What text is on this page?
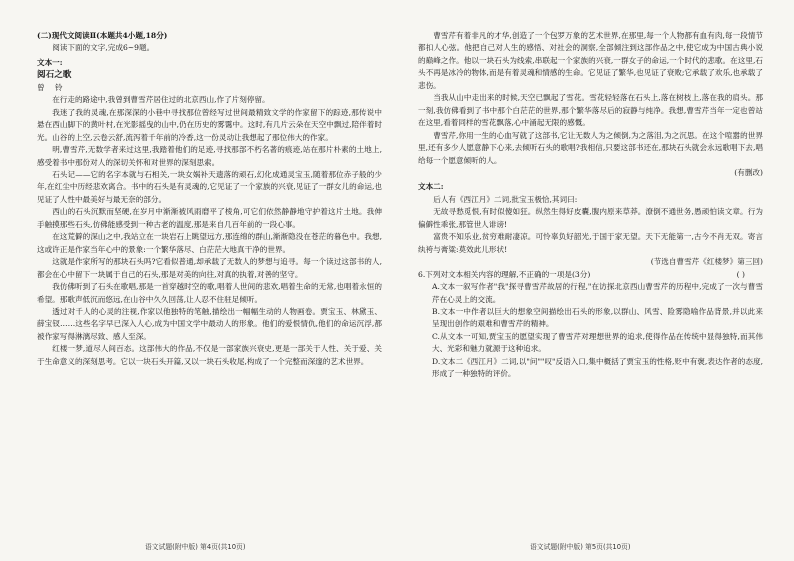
(二)现代文阅读Ⅱ(本题共4小题,18分)

阅读下面的文字,完成6~9题。

文本一:

阅石之歌

曾 铃

在行走的路途中,我曾到曹雪芹居住过的北京西山,作了片刻停留。

我迷了我的灵魂,在那深深的小巷中寻找那位曾经写过世间最精致文学的作家留下的踪迹,那传说中悬在西山脚下的黄叶村,在光影摇曳的山中,仍在历史的雾霭中。这时,有几片云朵在天空中飘过,陪伴着时光。山谷的上空,云卷云舒,流泻着千年前的冷香,这一份灵动让我想起了那位伟大的作家。

明,曹雪芹,无数学者来过这里,我踏着他们的足迹,寻找那部不朽名著的痕迹,站在那片朴素的土地上,感受着书中那份对人的深切关怀和对世界的深刻思索。

石头记——它的名字本就与石相关,一块女娲补天遗落的顽石,幻化成通灵宝玉,随着那位赤子般的少年,在红尘中历经悲欢离合。书中的石头是有灵魂的,它见证了一个家族的兴衰,见证了一群女儿的命运,也见证了人性中最美好与最无奈的部分。

西山的石头沉默而坚硬,在岁月中渐渐被风雨磨平了棱角,可它们依然静静地守护着这片土地。我伸手触摸那些石头,仿佛能感受到一种古老的温度,那是来自几百年前的一段心事。

在这荒僻的深山之中,我站立在一块岩石上眺望远方,那连绵的群山,渐渐隐没在苍茫的暮色中。我想,这或许正是作家当年心中的景象:一个繁华落尽、白茫茫大地真干净的世界。

这就是作家所写的那块石头吗?它看似普通,却承载了无数人的梦想与追寻。每一个读过这部书的人,都会在心中留下一块属于自己的石头,那是对美的向往,对真的执着,对善的坚守。

我仿佛听到了石头在歌唱,那是一首穿越时空的歌,唱着人世间的悲欢,唱着生命的无常,也唱着永恒的希望。那歌声低沉而悠远,在山谷中久久回荡,让人忍不住驻足倾听。

透过对千人的心灵的注视,作家以他独特的笔触,描绘出一幅幅生动的人物画卷。贾宝玉、林黛玉、薛宝钗……这些名字早已深入人心,成为中国文学中最动人的形象。他们的爱恨情仇,他们的命运沉浮,都被作家写得淋漓尽致、感人至深。

红楼一梦,道尽人间百态。这部伟大的作品,不仅是一部家族兴衰史,更是一部关于人性、关于爱、关于生命意义的深刻思考。它以一块石头开篇,又以一块石头收尾,构成了一个完整而深邃的艺术世界。

曹雪芹有着非凡的才华,创造了一个包罗万象的艺术世界,在那里,每一个人物都有血有肉,每一段情节都扣人心弦。他把自己对人生的感悟、对社会的洞察,全部倾注到这部作品之中,使它成为中国古典小说的巅峰之作。他以一块石头为线索,串联起一个家族的兴衰,一群女子的命运,一个时代的悲歌。在这里,石头不再是冰冷的物体,而是有着灵魂和情感的生命。它见证了繁华,也见证了衰败;它承载了欢乐,也承载了悲伤。

当我从山中走出来的时候,天空已飘起了雪花。雪花轻轻落在石头上,落在树枝上,落在我的肩头。那一刻,我仿佛看到了书中那个白茫茫的世界,那个繁华落尽后的寂静与纯净。我想,曹雪芹当年一定也曾站在这里,看着同样的雪花飘落,心中涌起无限的感慨。

曹雪芹,你用一生的心血写就了这部书,它让无数人为之倾倒,为之落泪,为之沉思。在这个喧嚣的世界里,还有多少人愿意静下心来,去倾听石头的歌唱?我相信,只要这部书还在,那块石头就会永远歌唱下去,唱给每一个愿意倾听的人。

(有删改)

文本二:

后人有《西江月》二词,批宝玉极恰,其词曰:

无故寻愁觅恨,有时似傻如狂。纵然生得好皮囊,腹内原来草莽。潦倒不通世务,愚顽怕读文章。行为偏僻性乖张,那管世人诽谤!

富贵不知乐业,贫穷难耐凄凉。可怜辜负好韶光,于国于家无望。天下无能第一,古今不肖无双。寄言纨袴与膏粱:莫效此儿形状!

(节选自曹雪芹《红楼梦》第三回)

6.下列对文本相关内容的理解,不正确的一项是(3分)	( )

A.文本一叙写作者"我"探寻曹雪芹故居的行程,"在访探北京西山曹雪芹的历程中,完成了一次与曹雪芹在心灵上的交流。

B.文本一中作者以巨大的想象空间描绘出石头的形象,以群山、风雪、险雾隐喻作品背景,并以此来呈现出创作的艰难和曹雪芹的精神。

C.从文本一可知,贾宝玉的愿望实现了曹雪芹对理想世界的追求,使得作品在传统中显得独特,而其伟大、光彩和魅力就源于这种追求。

D.文本二《西江月》二词,以"问""叹"反语入口,集中概括了贾宝玉的性格,贬中有褒,表达作者的态度,形成了一种独特的评价。

语文试题(附中版) 第4页(共10页)	语文试题(附中版) 第5页(共10页)
